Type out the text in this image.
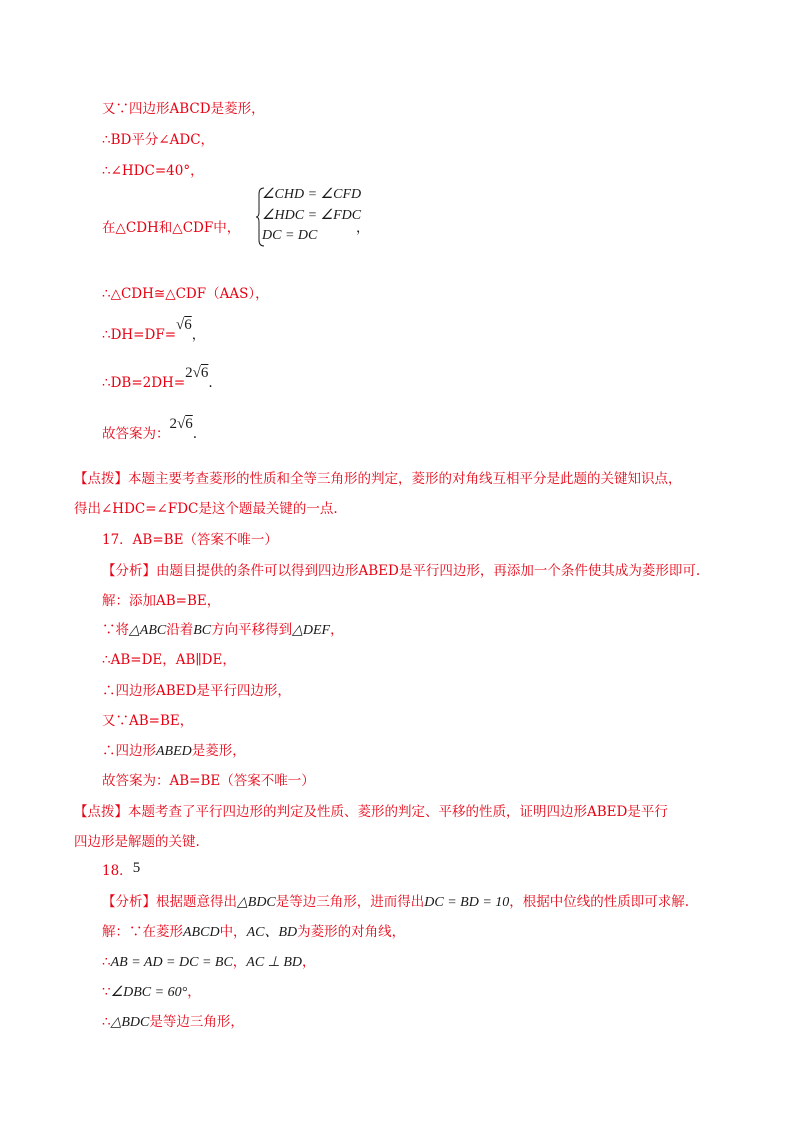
又∵四边形ABCD是菱形，
∴BD平分∠ADC，
∴∠HDC=40°，
在△CDH和△CDF中，
∠CHD = ∠CFD
∠HDC = ∠FDC
DC = DC	，
∴△CDH≅△CDF（AAS），
∴DH=DF=√6，
∴DB=2DH=2√6.
故答案为：2√6.
【点拨】本题主要考查菱形的性质和全等三角形的判定，菱形的对角线互相平分是此题的关键知识点，
得出∠HDC=∠FDC是这个题最关键的一点.
17．AB=BE（答案不唯一）
【分析】由题目提供的条件可以得到四边形ABED是平行四边形，再添加一个条件使其成为菱形即可.
解：添加AB=BE，
∵将△ABC沿着BC方向平移得到△DEF，
∴AB=DE，AB∥DE，
∴四边形ABED是平行四边形，
又∵AB=BE，
∴四边形ABED是菱形，
故答案为：AB=BE（答案不唯一）
【点拨】本题考查了平行四边形的判定及性质、菱形的判定、平移的性质，证明四边形ABED是平行
四边形是解题的关键.
18．5
【分析】根据题意得出△BDC是等边三角形，进而得出DC = BD = 10，根据中位线的性质即可求解.
解：∵在菱形ABCD中，AC、BD为菱形的对角线，
∴AB = AD = DC = BC，AC ⊥ BD，
∵∠DBC = 60°，
∴△BDC是等边三角形，
